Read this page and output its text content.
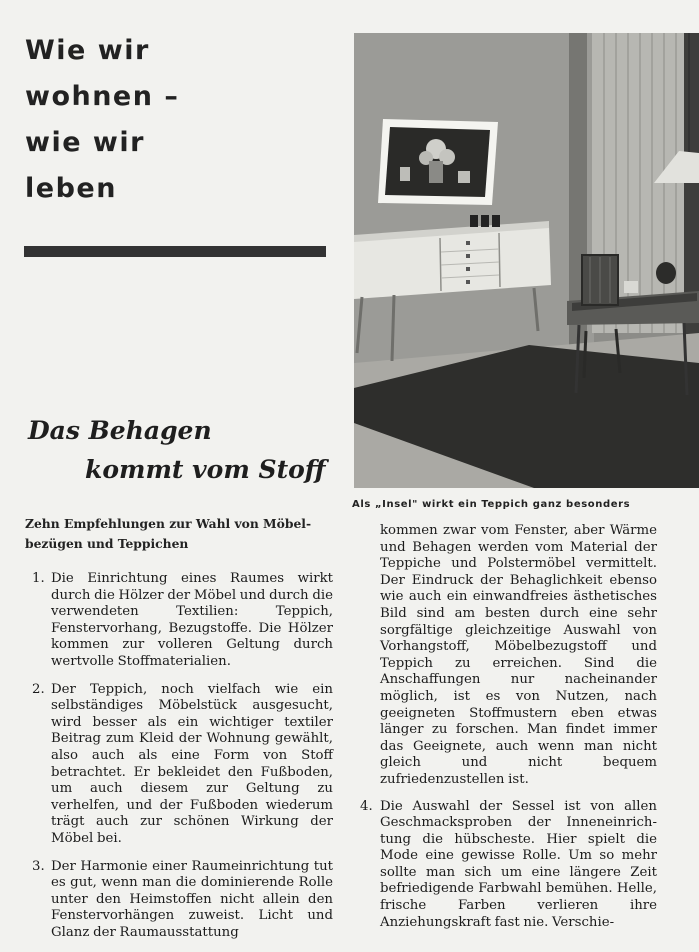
Wie wir
wohnen –
wie wir
leben
Das Behagen
kommt vom Stoff
Als „Insel" wirkt ein Teppich ganz besonders

Zehn Empfehlungen zur Wahl von Möbelbezügen und Teppichen

1. Die Einrichtung eines Raumes wirkt durch die Hölzer der Möbel und durch die verwendeten Textilien: Teppich, Fenstervorhang, Bezugstoffe. Die Hölzer kommen zur volleren Geltung durch wertvolle Stoffmaterialien.
2. Der Teppich, noch vielfach wie ein selbständiges Möbelstück ausgesucht, wird besser als ein wichtiger textiler Beitrag zum Kleid der Wohnung gewählt, also auch als eine Form von Stoff betrachtet. Er bekleidet den Fußboden, um auch diesem zur Geltung zu verhelfen, und der Fußboden wiederum trägt auch zur schönen Wirkung der Möbel bei.
3. Der Harmonie einer Raumeinrichtung tut es gut, wenn man die dominierende Rolle unter den Heimstoffen nicht allein den Fenstervorhängen zuweist. Licht und Glanz der Raumausstattung
kommen zwar vom Fenster, aber Wärme und Behagen werden vom Material der Teppiche und Polstermöbel vermittelt. Der Eindruck der Behaglichkeit ebenso wie auch ein einwandfreies ästhetisches Bild sind am besten durch eine sehr sorgfältige gleichzeitige Auswahl von Vorhangstoff, Möbelbezugstoff und Teppich zu erreichen. Sind die Anschaffungen nur nacheinander möglich, ist es von Nutzen, nach geeigneten Stoffmustern eben etwas länger zu forschen. Man findet immer das Geeignete, auch wenn man nicht gleich und nicht bequem zufriedenzustellen ist.
4. Die Auswahl der Sessel ist von allen Geschmacksproben der Inneneinrichtung die hübscheste. Hier spielt die Mode eine gewisse Rolle. Um so mehr sollte man sich um eine längere Zeit befriedigende Farbwahl bemühen. Helle, frische Farben verlieren ihre Anziehungskraft fast nie. Verschie-
